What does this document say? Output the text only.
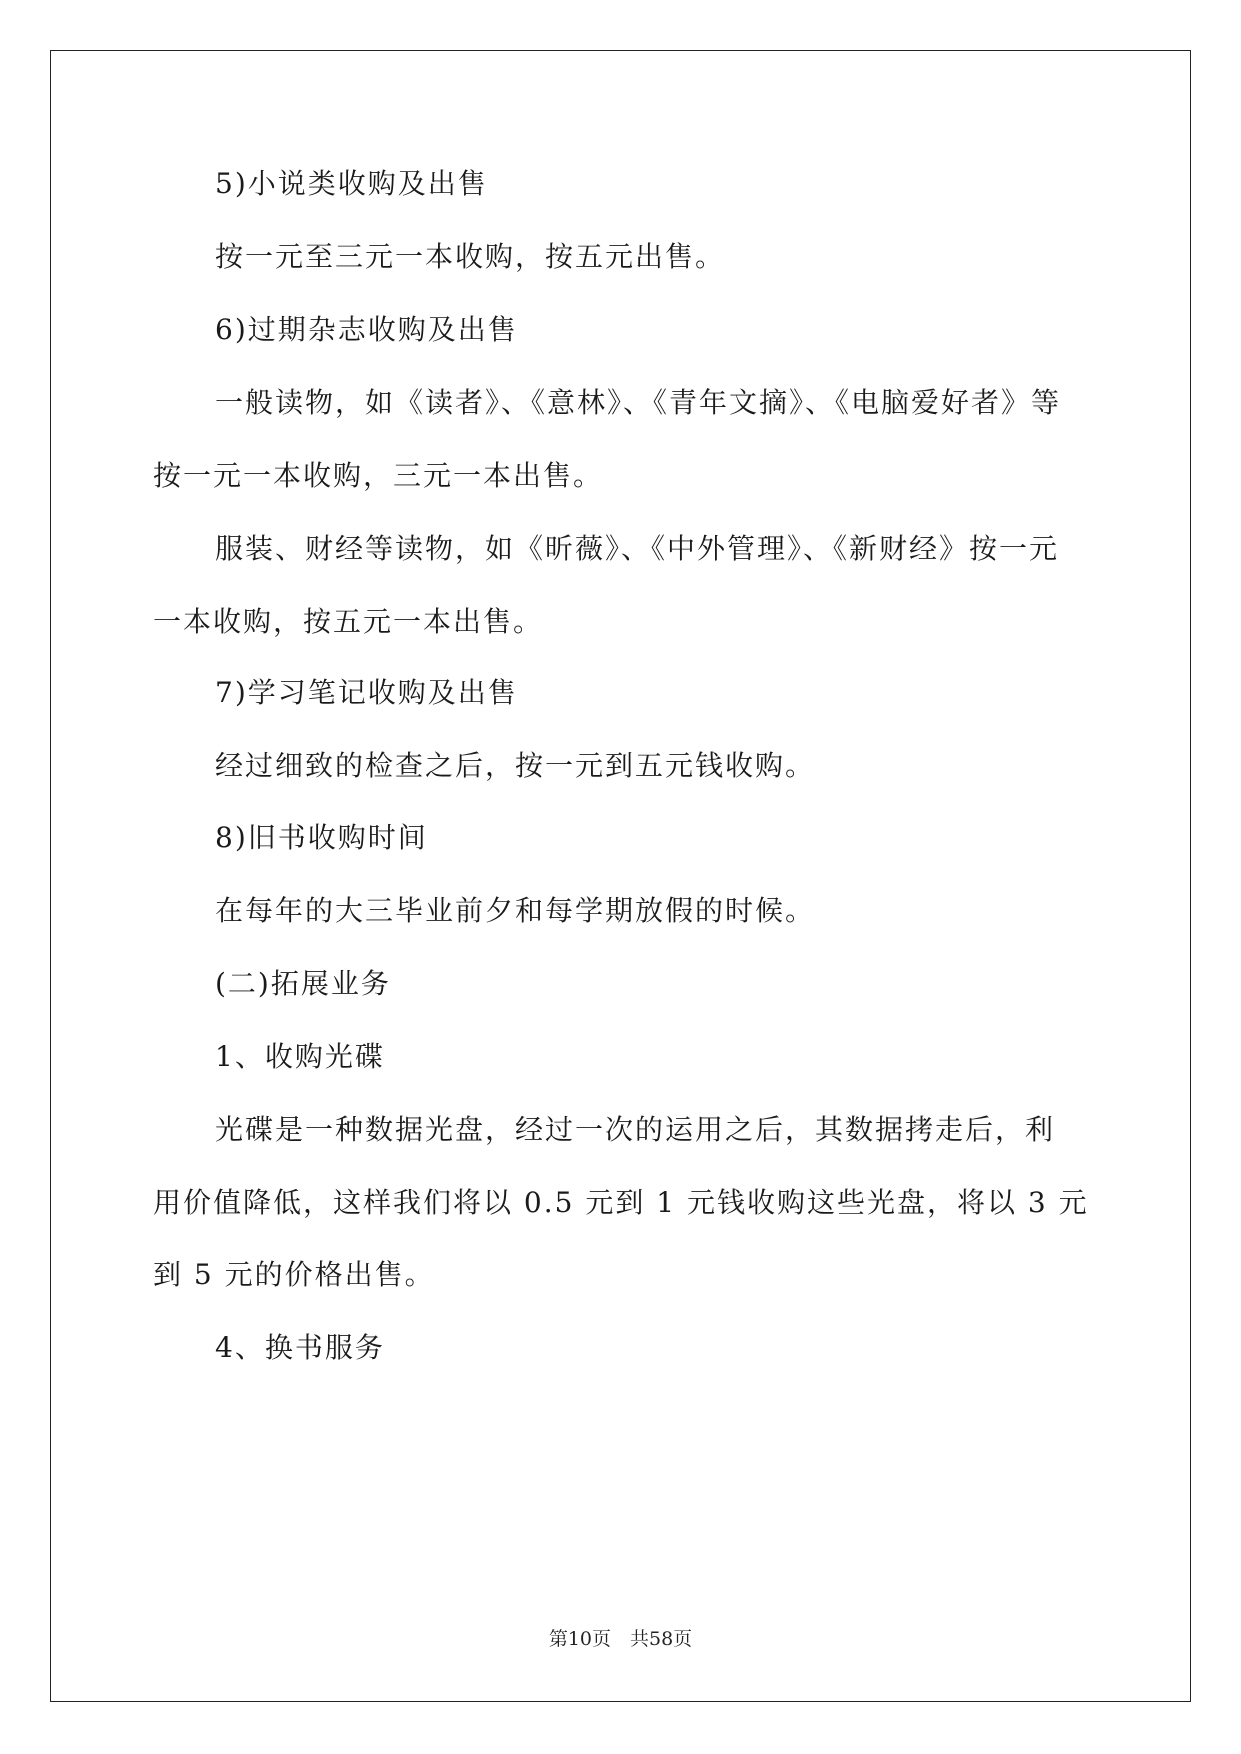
5)小说类收购及出售
按一元至三元一本收购，按五元出售。
6)过期杂志收购及出售
一般读物，如《读者》、《意林》、《青年文摘》、《电脑爱好者》等
按一元一本收购，三元一本出售。
服装、财经等读物，如《昕薇》、《中外管理》、《新财经》按一元
一本收购，按五元一本出售。
7)学习笔记收购及出售
经过细致的检查之后，按一元到五元钱收购。
8)旧书收购时间
在每年的大三毕业前夕和每学期放假的时候。
(二)拓展业务
1、收购光碟
光碟是一种数据光盘，经过一次的运用之后，其数据拷走后，利
用价值降低，这样我们将以 0.5 元到 1 元钱收购这些光盘，将以 3 元
到 5 元的价格出售。
4、换书服务
第10页　共58页
